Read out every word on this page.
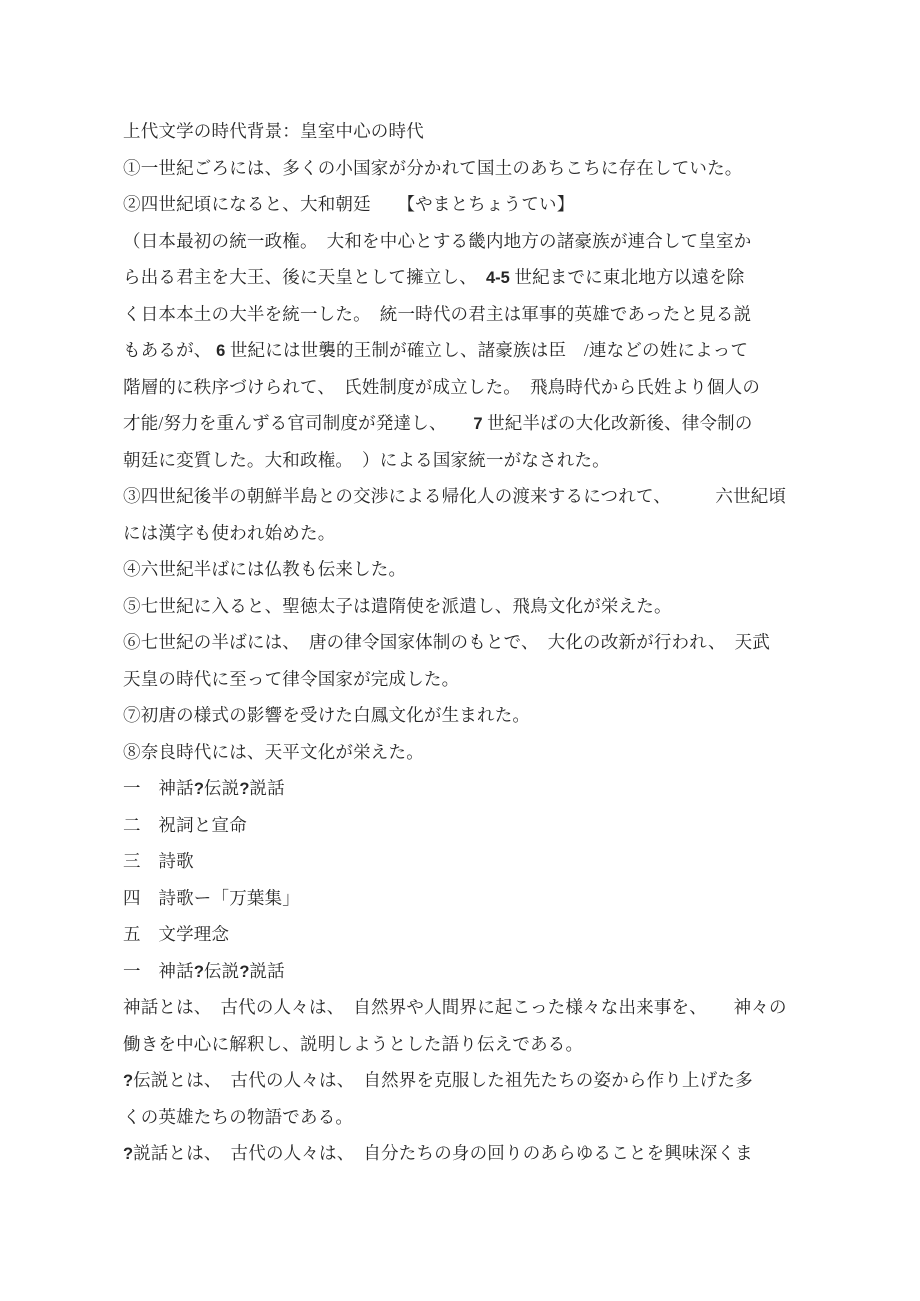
上代文学の時代背景：皇室中心の時代
①一世紀ごろには、多くの小国家が分かれて国土のあちこちに存在していた。
②四世紀頃になると、大和朝廷　　【やまとちょうてい】
（日本最初の統一政権。　大和を中心とする畿内地方の諸豪族が連合して皇室か
ら出る君主を大王、後に天皇として擁立し、　4-5 世紀までに東北地方以遠を除
く日本本土の大半を統一した。　統一時代の君主は軍事的英雄であったと見る説
もあるが、 6 世紀には世襲的王制が確立し、諸豪族は臣　/連などの姓によって
階層的に秩序づけられて、　氏姓制度が成立した。　飛鳥時代から氏姓より個人の
才能/努力を重んずる官司制度が発達し、　　7 世紀半ばの大化改新後、律令制の
朝廷に変質した。大和政権。　）による国家統一がなされた。
③四世紀後半の朝鮮半島との交渉による帰化人の渡来するにつれて、　　　六世紀頃
には漢字も使われ始めた。
④六世紀半ばには仏教も伝来した。
⑤七世紀に入ると、聖徳太子は遣隋使を派遣し、飛鳥文化が栄えた。
⑥七世紀の半ばには、　唐の律令国家体制のもとで、　大化の改新が行われ、　天武
天皇の時代に至って律令国家が完成した。
⑦初唐の様式の影響を受けた白鳳文化が生まれた。
⑧奈良時代には、天平文化が栄えた。
一　神話?伝説?説話
二　祝詞と宣命
三　詩歌
四　詩歌ー「万葉集」
五　文学理念
一　神話?伝説?説話
神話とは、　古代の人々は、　自然界や人間界に起こった様々な出来事を、　　神々の
働きを中心に解釈し、説明しようとした語り伝えである。
?伝説とは、　古代の人々は、　自然界を克服した祖先たちの姿から作り上げた多
くの英雄たちの物語である。
?説話とは、　古代の人々は、　自分たちの身の回りのあらゆることを興味深くま
